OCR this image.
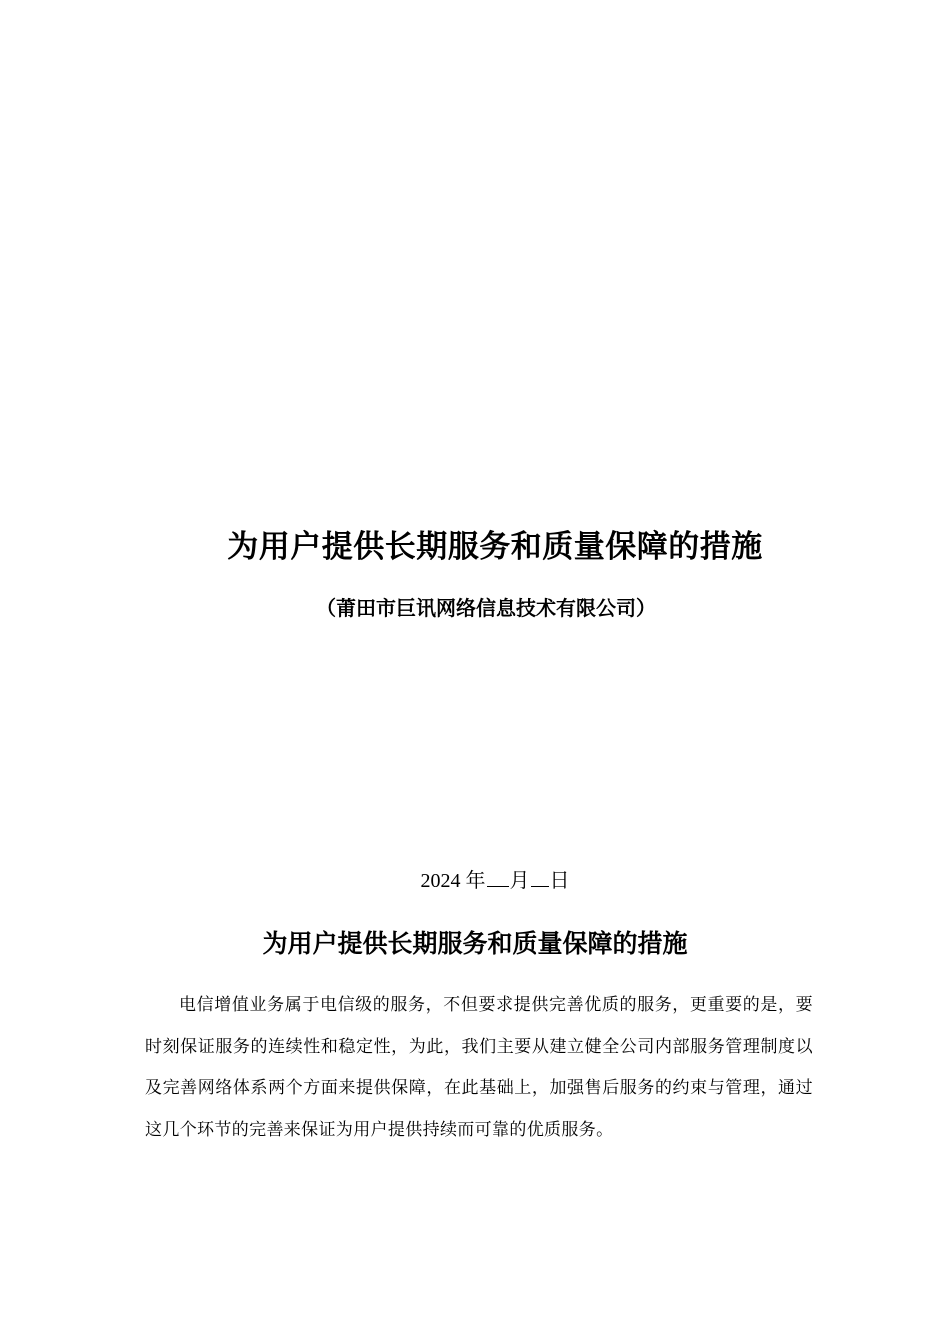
为用户提供长期服务和质量保障的措施
（莆田市巨讯网络信息技术有限公司）
2024 年 月 日
为用户提供长期服务和质量保障的措施

电信增值业务属于电信级的服务，不但要求提供完善优质的服务，更重要的是，要时刻保证服务的连续性和稳定性，为此，我们主要从建立健全公司内部服务管理制度以及完善网络体系两个方面来提供保障，在此基础上，加强售后服务的约束与管理，通过这几个环节的完善来保证为用户提供持续而可靠的优质服务。
